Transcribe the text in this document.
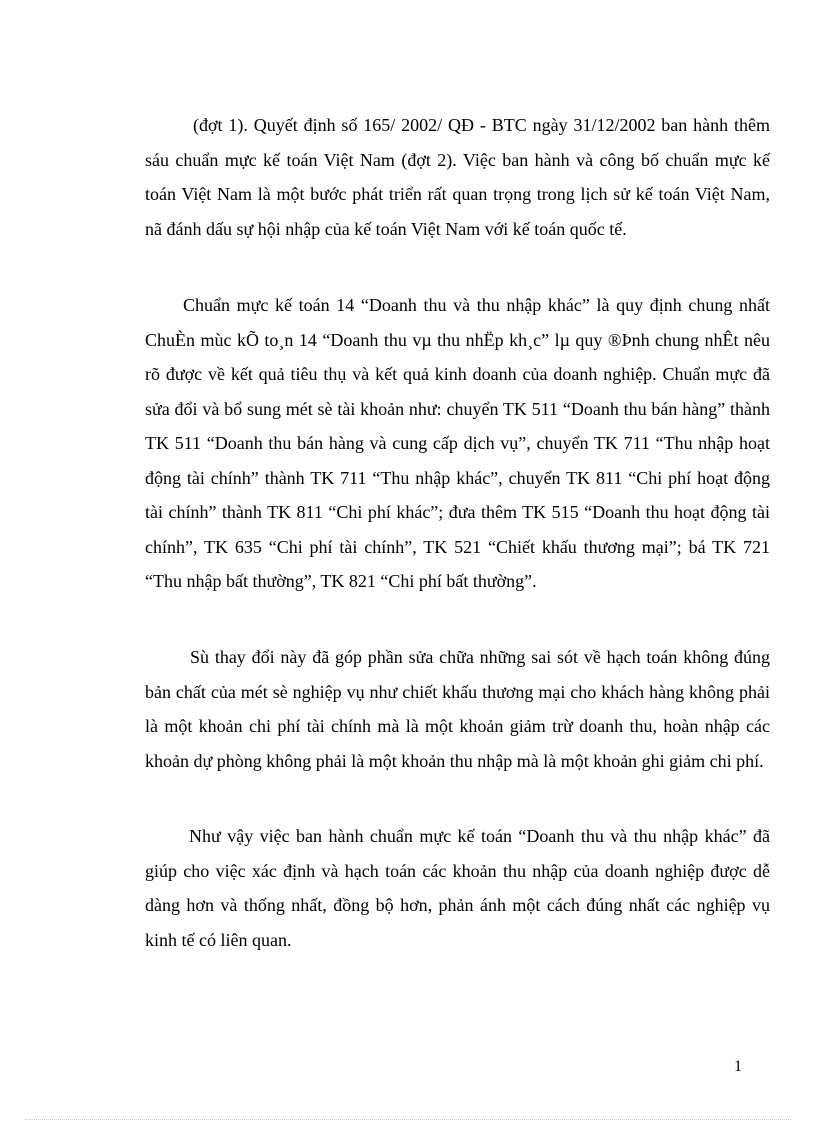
(đợt 1). Quyết định số 165/ 2002/ QĐ - BTC ngày 31/12/2002 ban hành thêm sáu chuẩn mực kế toán Việt Nam (đợt 2). Việc ban hành và công bố chuẩn mực kế toán Việt Nam là một bước phát triển rất quan trọng trong lịch sử kế toán Việt Nam, nã đánh dấu sự hội nhập của kế toán Việt Nam với kế toán quốc tế.

Chuẩn mực kế toán 14 “Doanh thu và thu nhập khác” là quy định chung nhất ChuÈn mùc kÕ to¸n 14 “Doanh thu vµ thu nhËp kh¸c” lµ quy ®Þnh chung nhÊt nêu rõ được về kết quả tiêu thụ và kết quả kinh doanh của doanh nghiệp. Chuẩn mực đã sửa đổi và bổ sung mét sè tài khoản như: chuyển TK 511 “Doanh thu bán hàng” thành TK 511 “Doanh thu bán hàng và cung cấp dịch vụ”, chuyển TK 711 “Thu nhập hoạt động tài chính” thành TK 711 “Thu nhập khác”, chuyển TK 811 “Chi phí hoạt động tài chính” thành TK 811 “Chi phí khác”; đưa thêm TK 515 “Doanh thu hoạt động tài chính”, TK 635 “Chi phí tài chính”, TK 521 “Chiết khấu thương mại”; bá TK 721 “Thu nhập bất thường”, TK 821 “Chi phí bất thường”.

Sù thay đổi này đã góp phần sửa chữa những sai sót về hạch toán không đúng bản chất của mét sè nghiệp vụ như chiết khấu thương mại cho khách hàng không phải là một khoản chi phí tài chính mà là một khoản giảm trừ doanh thu, hoàn nhập các khoản dự phòng không phải là một khoản thu nhập mà là một khoản ghi giảm chi phí.

Như vậy việc ban hành chuẩn mực kế toán “Doanh thu và thu nhập khác” đã giúp cho việc xác định và hạch toán các khoản thu nhập của doanh nghiệp được dễ dàng hơn và thống nhất, đồng bộ hơn, phản ánh một cách đúng nhất các nghiệp vụ kinh tế có liên quan.

1
